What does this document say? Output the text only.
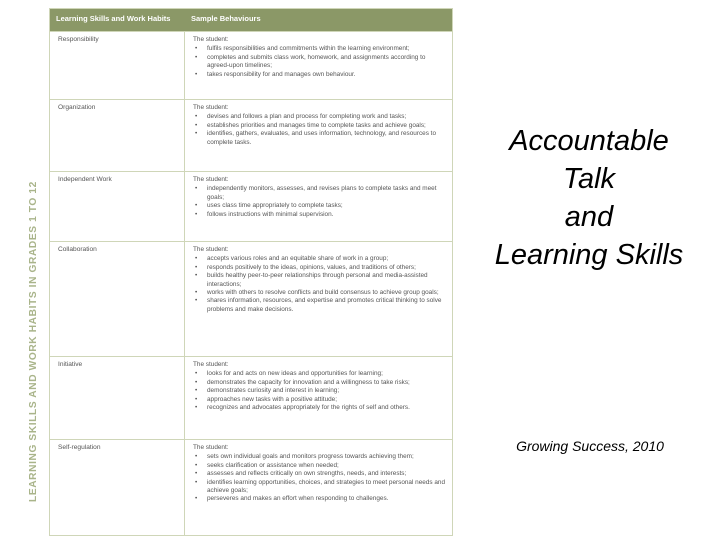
LEARNING SKILLS AND WORK HABITS IN GRADES 1 TO 12
Learning Skills and Work Habits	Sample Behaviours
Responsibility	The student:
• fulfils responsibilities and commitments within the learning environment;
• completes and submits class work, homework, and assignments according to agreed-upon timelines;
• takes responsibility for and manages own behaviour.
Organization	The student:
• devises and follows a plan and process for completing work and tasks;
• establishes priorities and manages time to complete tasks and achieve goals;
• identifies, gathers, evaluates, and uses information, technology, and resources to complete tasks.
Independent Work	The student:
• independently monitors, assesses, and revises plans to complete tasks and meet goals;
• uses class time appropriately to complete tasks;
• follows instructions with minimal supervision.
Collaboration	The student:
• accepts various roles and an equitable share of work in a group;
• responds positively to the ideas, opinions, values, and traditions of others;
• builds healthy peer-to-peer relationships through personal and media-assisted interactions;
• works with others to resolve conflicts and build consensus to achieve group goals;
• shares information, resources, and expertise and promotes critical thinking to solve problems and make decisions.
Initiative	The student:
• looks for and acts on new ideas and opportunities for learning;
• demonstrates the capacity for innovation and a willingness to take risks;
• demonstrates curiosity and interest in learning;
• approaches new tasks with a positive attitude;
• recognizes and advocates appropriately for the rights of self and others.
Self-regulation	The student:
• sets own individual goals and monitors progress towards achieving them;
• seeks clarification or assistance when needed;
• assesses and reflects critically on own strengths, needs, and interests;
• identifies learning opportunities, choices, and strategies to meet personal needs and achieve goals;
• perseveres and makes an effort when responding to challenges.
Accountable
Talk
and
Learning Skills
Growing Success, 2010
